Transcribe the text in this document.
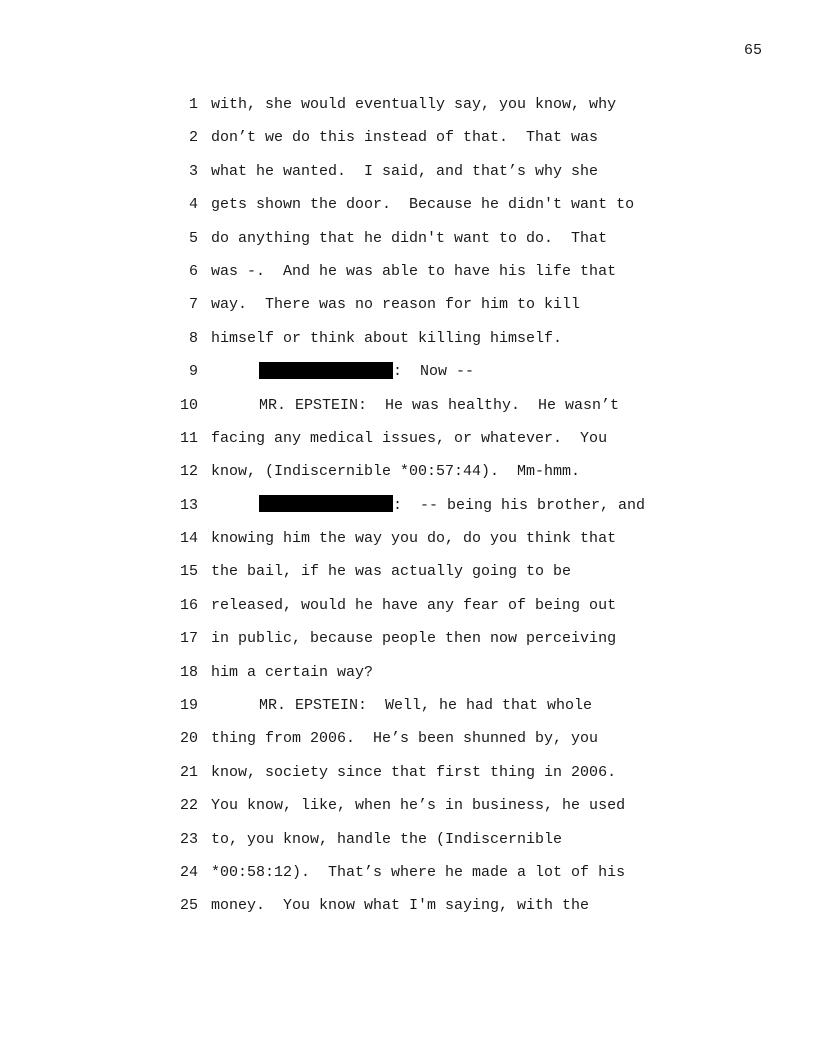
65
1 with, she would eventually say, you know, why
2 don’t we do this instead of that.  That was
3 what he wanted.  I said, and that’s why she
4 gets shown the door.  Because he didn't want to
5 do anything that he didn't want to do.  That
6 was -.  And he was able to have his life that
7 way.  There was no reason for him to kill
8 himself or think about killing himself.
9	:  Now --
10	MR. EPSTEIN:  He was healthy.  He wasn’t
11 facing any medical issues, or whatever.  You
12 know, (Indiscernible *00:57:44).  Mm-hmm.
13	:  -- being his brother, and
14 knowing him the way you do, do you think that
15 the bail, if he was actually going to be
16 released, would he have any fear of being out
17 in public, because people then now perceiving
18 him a certain way?
19	MR. EPSTEIN:  Well, he had that whole
20 thing from 2006.  He’s been shunned by, you
21 know, society since that first thing in 2006.
22 You know, like, when he’s in business, he used
23 to, you know, handle the (Indiscernible
24 *00:58:12).  That’s where he made a lot of his
25 money.  You know what I'm saying, with the
